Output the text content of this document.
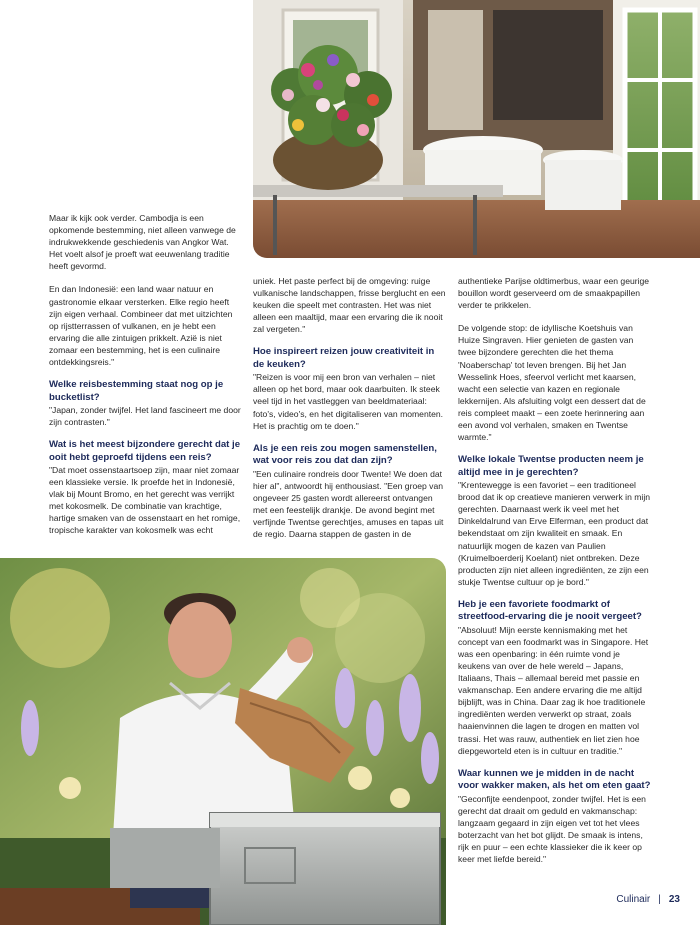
Maar ik kijk ook verder. Cambodja is een opkomende bestemming, niet alleen vanwege de indrukwekkende geschiedenis van Angkor Wat. Het voelt alsof je proeft wat eeuwenlang traditie heeft gevormd.

En dan Indonesië: een land waar natuur en gastronomie elkaar versterken. Elke regio heeft zijn eigen verhaal. Combineer dat met uitzichten op rijstterrassen of vulkanen, en je hebt een ervaring die alle zintuigen prikkelt. Azië is niet zomaar een bestemming, het is een culinaire ontdekkingsreis."

Welke reisbestemming staat nog op je bucketlist?

"Japan, zonder twijfel. Het land fascineert me door zijn contrasten."

Wat is het meest bijzondere gerecht dat je ooit hebt geproefd tijdens een reis?

"Dat moet ossenstaartsoep zijn, maar niet zomaar een klassieke versie. Ik proefde het in Indonesië, vlak bij Mount Bromo, en het gerecht was verrijkt met kokosmelk. De combinatie van krachtige, hartige smaken van de ossenstaart en het romige, tropische karakter van kokosmelk was echt

uniek. Het paste perfect bij de omgeving: ruige vulkanische landschappen, frisse berglucht en een keuken die speelt met contrasten. Het was niet alleen een maaltijd, maar een ervaring die ik nooit zal vergeten."

Hoe inspireert reizen jouw creativiteit in de keuken?

"Reizen is voor mij een bron van verhalen – niet alleen op het bord, maar ook daarbuiten. Ik steek veel tijd in het vastleggen van beeldmateriaal: foto's, video's, en het digitaliseren van momenten. Het is prachtig om te doen."

Als je een reis zou mogen samenstellen, wat voor reis zou dat dan zijn?

"Een culinaire rondreis door Twente! We doen dat hier al", antwoordt hij enthousiast. "Een groep van ongeveer 25 gasten wordt allereerst ontvangen met een feestelijk drankje. De avond begint met verfijnde Twentse gerechtjes, amuses en tapas uit de regio. Daarna stappen de gasten in de

authentieke Parijse oldtimerbus, waar een geurige bouillon wordt geserveerd om de smaakpapillen verder te prikkelen.

De volgende stop: de idyllische Koetshuis van Huize Singraven. Hier genieten de gasten van twee bijzondere gerechten die het thema 'Noaberschap' tot leven brengen. Bij het Jan Wesselink Hoes, sfeervol verlicht met kaarsen, wacht een selectie van kazen en regionale lekkernijen. Als afsluiting volgt een dessert dat de reis compleet maakt – een zoete herinnering aan een avond vol verhalen, smaken en Twentse warmte."

Welke lokale Twentse producten neem je altijd mee in je gerechten?

"Krentewegge is een favoriet – een traditioneel brood dat ik op creatieve manieren verwerk in mijn gerechten. Daarnaast werk ik veel met het Dinkeldalrund van Erve Elferman, een product dat bekendstaat om zijn kwaliteit en smaak. En natuurlijk mogen de kazen van Paulien (Kruimelboerderij Koelant) niet ontbreken. Deze producten zijn niet alleen ingrediënten, ze zijn een stukje Twentse cultuur op je bord."

Heb je een favoriete foodmarkt of streetfood-ervaring die je nooit vergeet?

"Absoluut! Mijn eerste kennismaking met het concept van een foodmarkt was in Singapore. Het was een openbaring: in één ruimte vond je keukens van over de hele wereld – Japans, Italiaans, Thais – allemaal bereid met passie en vakmanschap. Een andere ervaring die me altijd bijblijft, was in China. Daar zag ik hoe traditionele ingrediënten werden verwerkt op straat, zoals haaienvinnen die lagen te drogen en matten vol trassi. Het was rauw, authentiek en liet zien hoe diepgeworteld eten is in cultuur en traditie."

Waar kunnen we je midden in de nacht voor wakker maken, als het om eten gaat?

"Geconfijte eendenpoot, zonder twijfel. Het is een gerecht dat draait om geduld en vakmanschap: langzaam gegaard in zijn eigen vet tot het vlees boterzacht van het bot glijdt. De smaak is intens, rijk en puur – een echte klassieker die ik keer op keer met liefde bereid."

Culinair | 23
